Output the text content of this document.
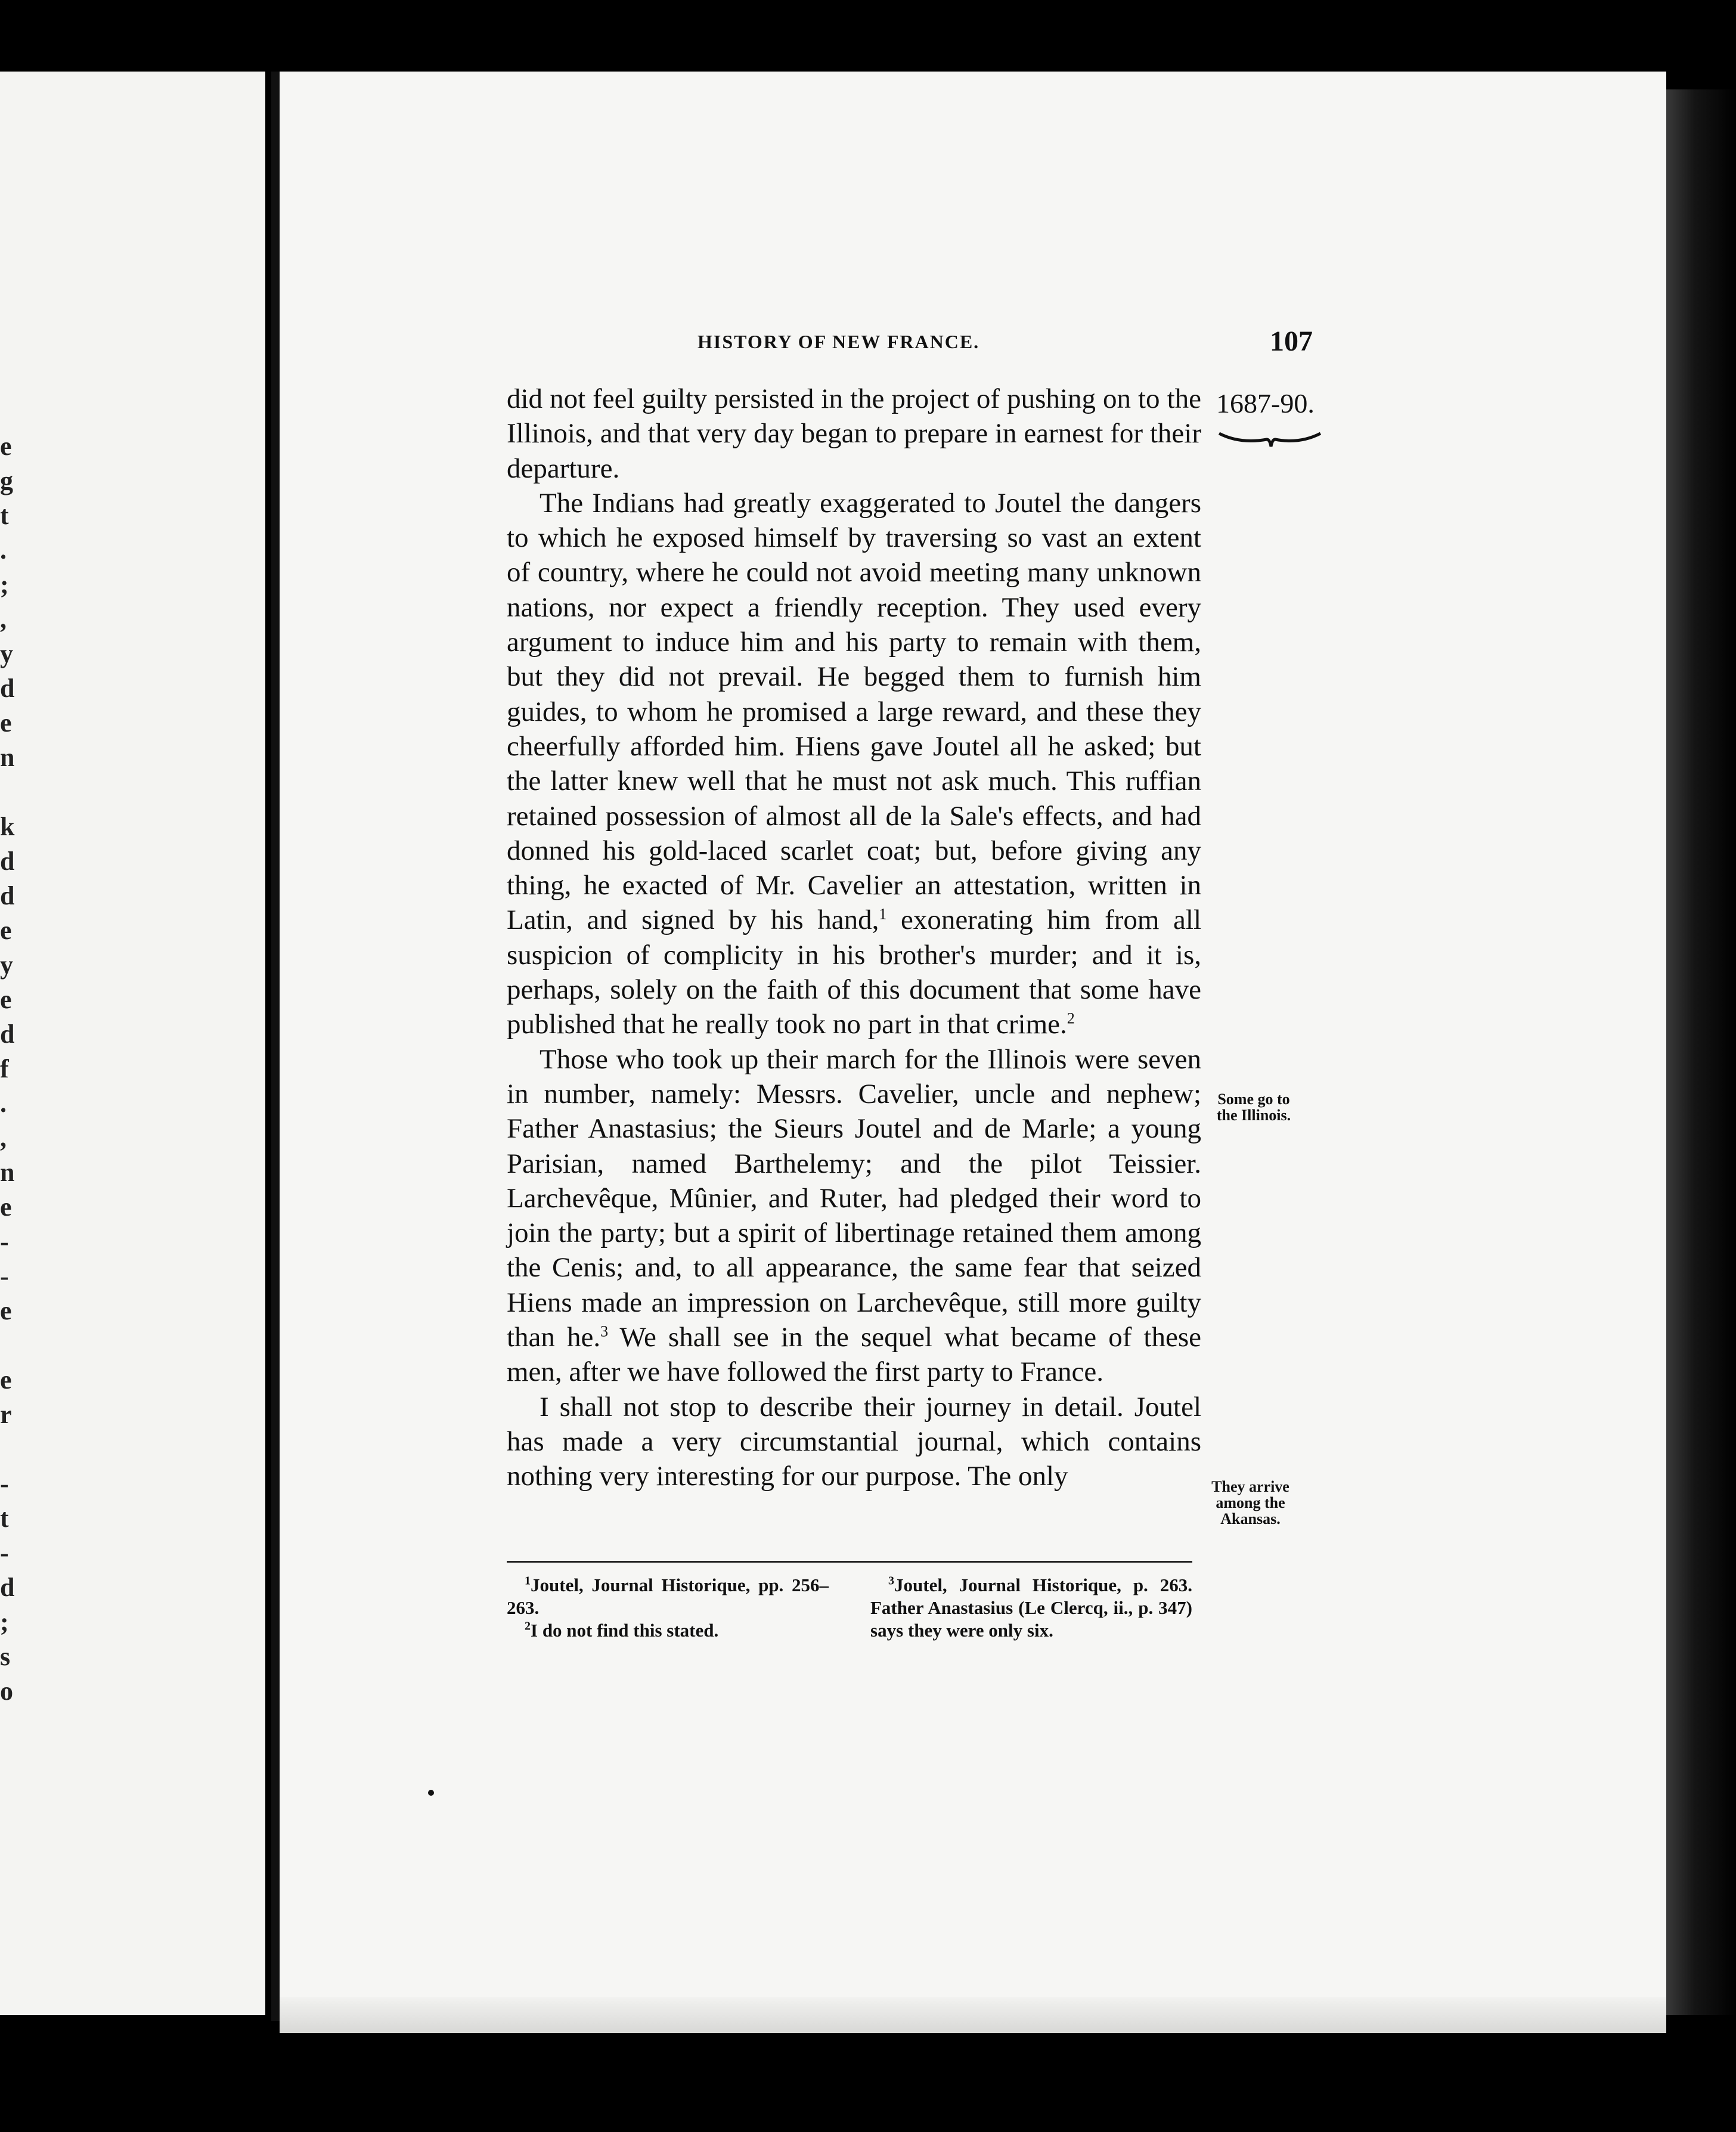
e
g
t
.
;
,
y
d
e
n
k
d
d
e
y
e
d
f
.
,
n
e
-
-
e
e
r
-
t
-
d
;
s
o
HISTORY OF NEW FRANCE.	107
1687-90.
Some go to
the Illinois.
They arrive
among the
Akansas.

did not feel guilty persisted in the project of pushing on to the Illinois, and that very day began to prepare in earnest for their departure.

The Indians had greatly exaggerated to Joutel the dangers to which he exposed himself by traversing so vast an extent of country, where he could not avoid meeting many unknown nations, nor expect a friendly reception. They used every argument to induce him and his party to remain with them, but they did not prevail. He begged them to furnish him guides, to whom he promised a large reward, and these they cheerfully afforded him. Hiens gave Joutel all he asked; but the latter knew well that he must not ask much. This ruffian retained possession of almost all de la Sale's effects, and had donned his gold-laced scarlet coat; but, before giving any thing, he exacted of Mr. Cavelier an attestation, written in Latin, and signed by his hand,$^1$ exonerating him from all suspicion of complicity in his brother's murder; and it is, perhaps, solely on the faith of this document that some have published that he really took no part in that crime.$^2$

Those who took up their march for the Illinois were seven in number, namely: Messrs. Cavelier, uncle and nephew; Father Anastasius; the Sieurs Joutel and de Marle; a young Parisian, named Barthelemy; and the pilot Teissier. Larchevêque, Mûnier, and Ruter, had pledged their word to join the party; but a spirit of libertinage retained them among the Cenis; and, to all appearance, the same fear that seized Hiens made an impression on Larchevêque, still more guilty than he.$^3$ We shall see in the sequel what became of these men, after we have followed the first party to France.

I shall not stop to describe their journey in detail. Joutel has made a very circumstantial journal, which contains nothing very interesting for our purpose. The only

$^1$Joutel, Journal Historique, pp. 256–263.

$^2$I do not find this stated.

$^3$Joutel, Journal Historique, p. 263. Father Anastasius (Le Clercq, ii., p. 347) says they were only six.
